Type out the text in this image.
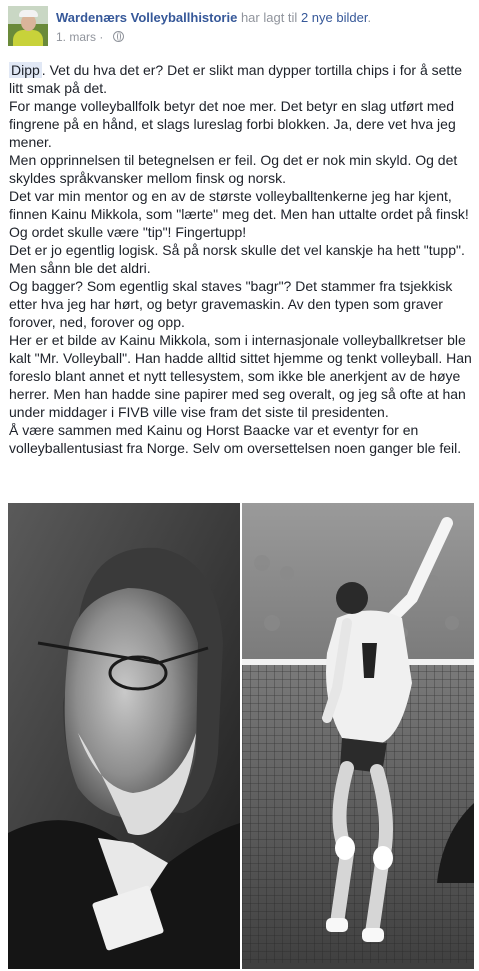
Wardenærs Volleyballhistorie har lagt til 2 nye bilder.
1. mars ·

Dipp . Vet du hva det er? Det er slikt man dypper tortilla chips i for å sette litt smak på det.

For mange volleyballfolk betyr det noe mer. Det betyr en slag utført med fingrene på en hånd, et slags lureslag forbi blokken. Ja, dere vet hva jeg mener.

Men opprinnelsen til betegnelsen er feil. Og det er nok min skyld. Og det skyldes språkvansker mellom finsk og norsk.

Det var min mentor og en av de største volleyballtenkerne jeg har kjent, finnen Kainu Mikkola, som "lærte" meg det. Men han uttalte ordet på finsk! Og ordet skulle være "tip"! Fingertupp!

Det er jo egentlig logisk. Så på norsk skulle det vel kanskje ha hett "tupp". Men sånn ble det aldri.

Og bagger? Som egentlig skal staves "bagr"? Det stammer fra tsjekkisk etter hva jeg har hørt, og betyr gravemaskin. Av den typen som graver forover, ned, forover og opp.

Her er et bilde av Kainu Mikkola, som i internasjonale volleyballkretser ble kalt "Mr. Volleyball". Han hadde alltid sittet hjemme og tenkt volleyball. Han foreslo blant annet et nytt tellesystem, som ikke ble anerkjent av de høye herrer. Men han hadde sine papirer med seg overalt, og jeg så ofte at han under middager i FIVB ville vise fram det siste til presidenten.

Å være sammen med Kainu og Horst Baacke var et eventyr for en volleyballentusiast fra Norge. Selv om oversettelsen noen ganger ble feil.
